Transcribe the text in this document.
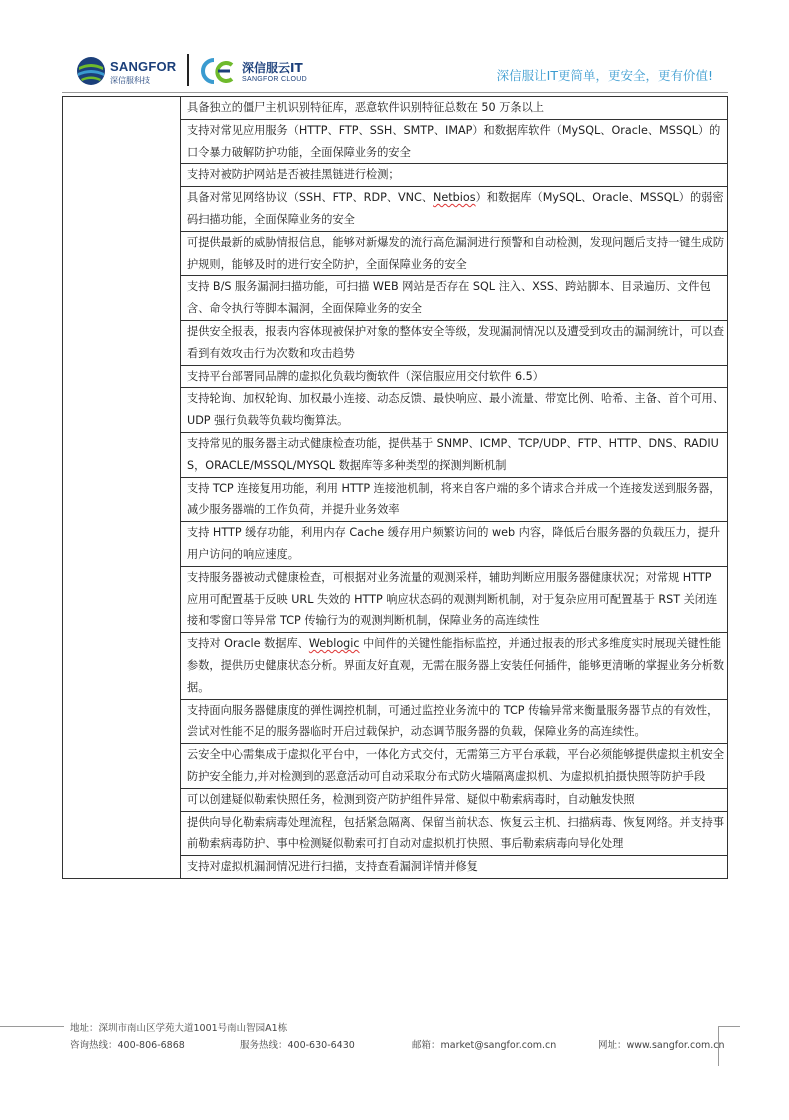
SANGFOR
深信服科技
深信服云IT
SANGFOR CLOUD	深信服让IT更简单，更安全，更有价值!
	具备独立的僵尸主机识别特征库，恶意软件识别特征总数在 50 万条以上
支持对常见应用服务（HTTP、FTP、SSH、SMTP、IMAP）和数据库软件（MySQL、Oracle、MSSQL）的口令暴力破解防护功能，全面保障业务的安全
支持对被防护网站是否被挂黑链进行检测；
具备对常见网络协议（SSH、FTP、RDP、VNC、Netbios）和数据库（MySQL、Oracle、MSSQL）的弱密码扫描功能，全面保障业务的安全
可提供最新的威胁情报信息，能够对新爆发的流行高危漏洞进行预警和自动检测，发现问题后支持一键生成防护规则，能够及时的进行安全防护，全面保障业务的安全
支持 B/S 服务漏洞扫描功能，可扫描 WEB 网站是否存在 SQL 注入、XSS、跨站脚本、目录遍历、文件包含、命令执行等脚本漏洞，全面保障业务的安全
提供安全报表，报表内容体现被保护对象的整体安全等级，发现漏洞情况以及遭受到攻击的漏洞统计，可以查看到有效攻击行为次数和攻击趋势
支持平台部署同品牌的虚拟化负载均衡软件（深信服应用交付软件 6.5）
支持轮询、加权轮询、加权最小连接、动态反馈、最快响应、最小流量、带宽比例、哈希、主备、首个可用、UDP 强行负载等负载均衡算法。
支持常见的服务器主动式健康检查功能，提供基于 SNMP、ICMP、TCP/UDP、FTP、HTTP、DNS、RADIUS，ORACLE/MSSQL/MYSQL 数据库等多种类型的探测判断机制
支持 TCP 连接复用功能，利用 HTTP 连接池机制，将来自客户端的多个请求合并成一个连接发送到服务器，减少服务器端的工作负荷，并提升业务效率
支持 HTTP 缓存功能，利用内存 Cache 缓存用户频繁访问的 web 内容，降低后台服务器的负载压力，提升用户访问的响应速度。
支持服务器被动式健康检查，可根据对业务流量的观测采样，辅助判断应用服务器健康状况；对常规 HTTP 应用可配置基于反映 URL 失效的 HTTP 响应状态码的观测判断机制，对于复杂应用可配置基于 RST 关闭连接和零窗口等异常 TCP 传输行为的观测判断机制，保障业务的高连续性
支持对 Oracle 数据库、Weblogic 中间件的关键性能指标监控，并通过报表的形式多维度实时展现关键性能参数，提供历史健康状态分析。界面友好直观，无需在服务器上安装任何插件，能够更清晰的掌握业务分析数据。
支持面向服务器健康度的弹性调控机制，可通过监控业务流中的 TCP 传输异常来衡量服务器节点的有效性，尝试对性能不足的服务器临时开启过载保护，动态调节服务器的负载，保障业务的高连续性。
云安全中心需集成于虚拟化平台中，一体化方式交付，无需第三方平台承载，平台必须能够提供虚拟主机安全防护安全能力,并对检测到的恶意活动可自动采取分布式防火墙隔离虚拟机、为虚拟机拍摄快照等防护手段
可以创建疑似勒索快照任务，检测到资产防护组件异常、疑似中勒索病毒时，自动触发快照
提供向导化勒索病毒处理流程，包括紧急隔离、保留当前状态、恢复云主机、扫描病毒、恢复网络。并支持事前勒索病毒防护、事中检测疑似勒索可打自动对虚拟机打快照、事后勒索病毒向导化处理
支持对虚拟机漏洞情况进行扫描，支持查看漏洞详情并修复
地址：深圳市南山区学苑大道1001号南山智园A1栋
咨询热线：400-806-6868	服务热线：400-630-6430	邮箱：market@sangfor.com.cn	网址：www.sangfor.com.cn
